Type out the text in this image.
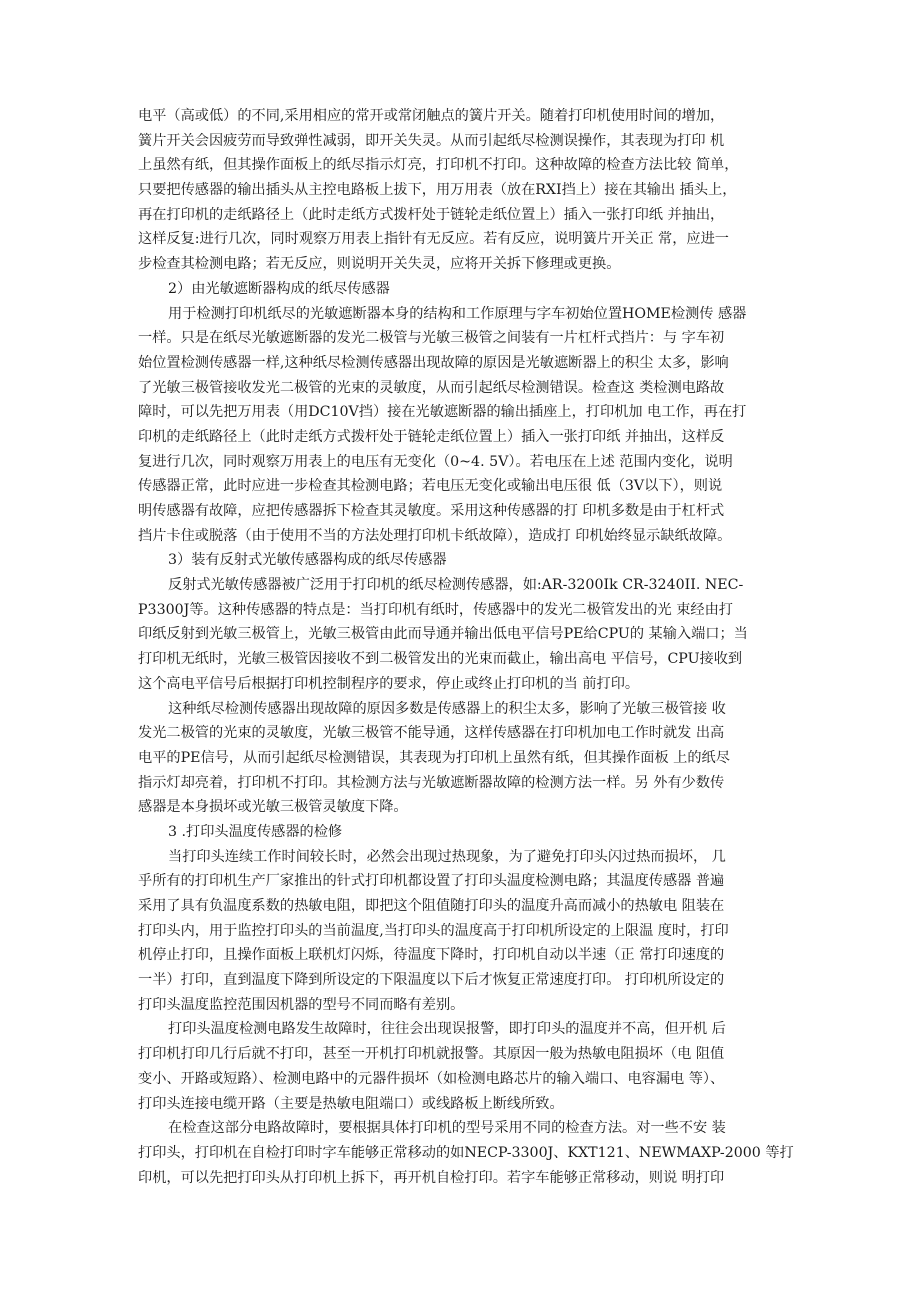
电平（高或低）的不同,采用相应的常开或常闭触点的簧片开关。随着打印机使用时间的增加，
簧片开关会因疲劳而导致弹性减弱，即开关失灵。从而引起纸尽检测误操作，其表现为打印 机
上虽然有纸，但其操作面板上的纸尽指示灯亮，打印机不打印。这种故障的检查方法比较 简单，
只要把传感器的输出插头从主控电路板上拔下，用万用表（放在RXI挡上）接在其输出 插头上，
再在打印机的走纸路径上（此时走纸方式拨杆处于链轮走纸位置上）插入一张打印纸 并抽出，
这样反复:进行几次，同时观察万用表上指针有无反应。若有反应，说明簧片开关正 常，应进一
步检查其检测电路；若无反应，则说明开关失灵，应将开关拆下修理或更换。
2）由光敏遮断器构成的纸尽传感器
用于检测打印机纸尽的光敏遮断器本身的结构和工作原理与字车初始位置HOME检测传 感器
一样。只是在纸尽光敏遮断器的发光二极管与光敏三极管之间装有一片杠杆式挡片：与 字车初
始位置检测传感器一样,这种纸尽检测传感器出现故障的原因是光敏遮断器上的积尘 太多，影响
了光敏三极管接收发光二极管的光束的灵敏度，从而引起纸尽检测错误。检查这 类检测电路故
障时，可以先把万用表（用DC10V挡）接在光敏遮断器的输出插座上，打印机加 电工作，再在打
印机的走纸路径上（此时走纸方式拨杆处于链轮走纸位置上）插入一张打印纸 并抽出，这样反
复进行几次，同时观察万用表上的电压有无变化（0~4. 5V）。若电压在上述 范围内变化，说明
传感器正常，此时应进一步检查其检测电路；若电压无变化或输出电压很 低（3V以下），则说
明传感器有故障，应把传感器拆下检查其灵敏度。采用这种传感器的打 印机多数是由于杠杆式
挡片卡住或脱落（由于使用不当的方法处理打印机卡纸故障），造成打 印机始终显示缺纸故障。
3）装有反射式光敏传感器构成的纸尽传感器
反射式光敏传感器被广泛用于打印机的纸尽检测传感器，如:AR-3200Ik CR-3240II. NEC-
P3300J等。这种传感器的特点是：当打印机有纸时，传感器中的发光二极管发出的光 束经由打
印纸反射到光敏三极管上，光敏三极管由此而导通并输出低电平信号PE给CPU的 某输入端口；当
打印机无纸时，光敏三极管因接收不到二极管发出的光束而截止，输出高电 平信号，CPU接收到
这个高电平信号后根据打印机控制程序的要求，停止或终止打印机的当 前打印。
这种纸尽检测传感器出现故障的原因多数是传感器上的积尘太多，影响了光敏三极管接 收
发光二极管的光束的灵敏度，光敏三极管不能导通，这样传感器在打印机加电工作时就发 出高
电平的PE信号，从而引起纸尽检测错误，其表现为打印机上虽然有纸，但其操作面板 上的纸尽
指示灯却亮着，打印机不打印。其检测方法与光敏遮断器故障的检测方法一样。另 外有少数传
感器是本身损坏或光敏三极管灵敏度下降。
3 .打印头温度传感器的检修
当打印头连续工作时间较长时，必然会出现过热现象，为了避免打印头闪过热而损坏， 几
乎所有的打印机生产厂家推出的针式打印机都设置了打印头温度检测电路；其温度传感器 普遍
采用了具有负温度系数的热敏电阻，即把这个阻值随打印头的温度升高而减小的热敏电 阻装在
打印头内，用于监控打印头的当前温度,当打印头的温度高于打印机所设定的上限温 度时，打印
机停止打印，且操作面板上联机灯闪烁，待温度下降时，打印机自动以半速（正 常打印速度的
一半）打印，直到温度下降到所设定的下限温度以下后才恢复正常速度打印。 打印机所设定的
打印头温度监控范围因机器的型号不同而略有差别。
打印头温度检测电路发生故障时，往往会出现误报警，即打印头的温度并不高，但开机 后
打印机打印几行后就不打印，甚至一开机打印机就报警。其原因一般为热敏电阻损坏（电 阻值
变小、开路或短路）、检测电路中的元器件损坏（如检测电路芯片的输入端口、电容漏电 等）、
打印头连接电缆开路（主要是热敏电阻端口）或线路板上断线所致。
在检查这部分电路故障时，要根据具体打印机的型号采用不同的检查方法。对一些不安 装
打印头，打印机在自检打印时字车能够正常移动的如NECP-3300J、KXT121、NEWMAXP-2000 等打
印机，可以先把打印头从打印机上拆下，再开机自检打印。若字车能够正常移动，则说 明打印
